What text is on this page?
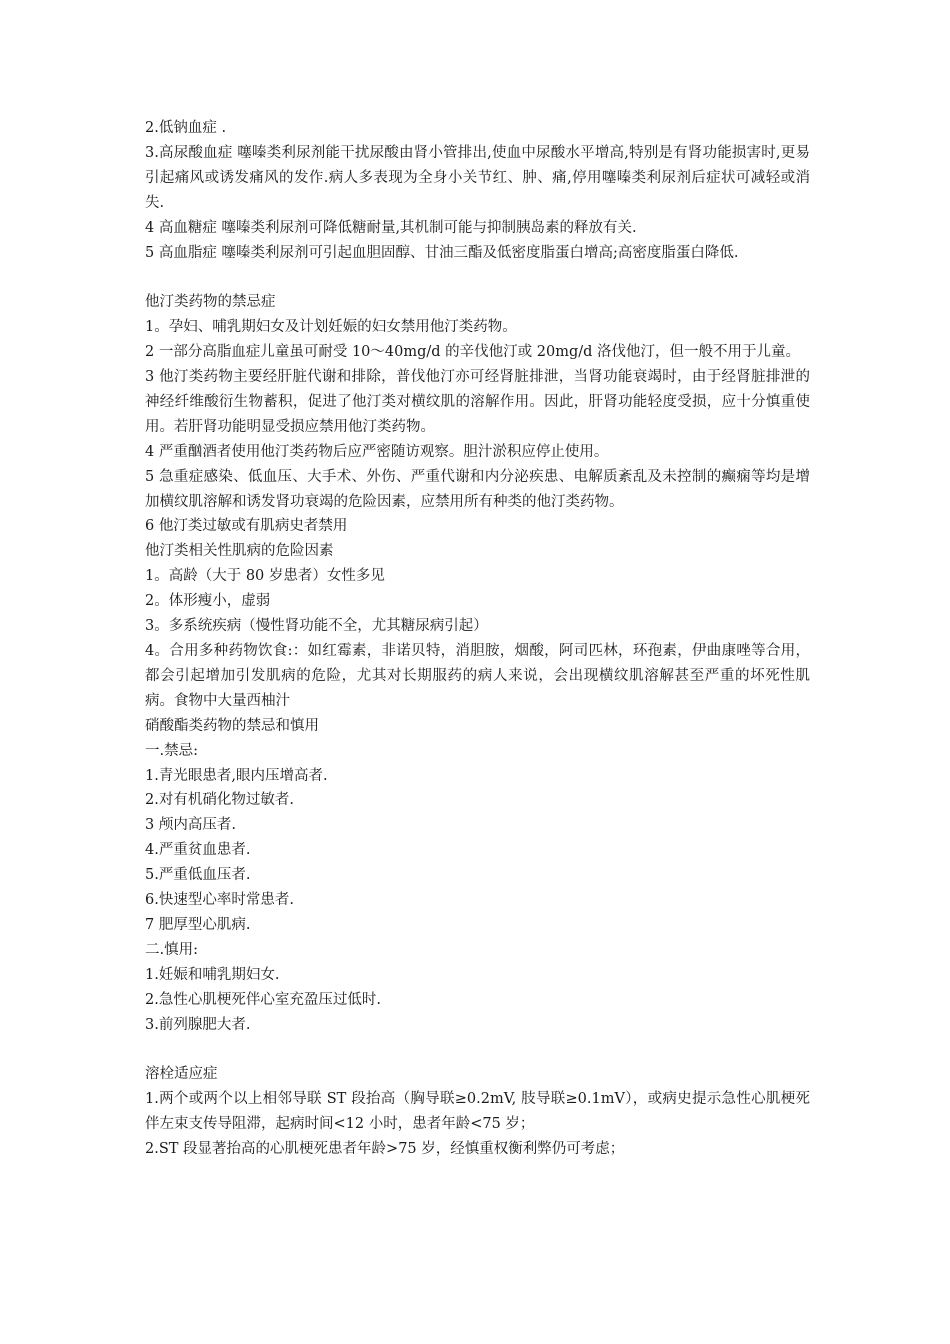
2.低钠血症 .

3.高尿酸血症 噻嗪类利尿剂能干扰尿酸由肾小管排出,使血中尿酸水平增高,特别是有肾功能损害时,更易引起痛风或诱发痛风的发作.病人多表现为全身小关节红、肿、痛,停用噻嗪类利尿剂后症状可减轻或消失.

4 高血糖症 噻嗪类利尿剂可降低糖耐量,其机制可能与抑制胰岛素的释放有关.

5 高血脂症 噻嗪类利尿剂可引起血胆固醇、甘油三酯及低密度脂蛋白增高;高密度脂蛋白降低.

他汀类药物的禁忌症

1。孕妇、哺乳期妇女及计划妊娠的妇女禁用他汀类药物。

2 一部分高脂血症儿童虽可耐受 10～40mg/d 的辛伐他汀或 20mg/d 洛伐他汀，但一般不用于儿童。

3 他汀类药物主要经肝脏代谢和排除，普伐他汀亦可经肾脏排泄，当肾功能衰竭时，由于经肾脏排泄的神经纤维酸衍生物蓄积，促进了他汀类对横纹肌的溶解作用。因此，肝肾功能轻度受损，应十分慎重使用。若肝肾功能明显受损应禁用他汀类药物。

4 严重酗酒者使用他汀类药物后应严密随访观察。胆汁淤积应停止使用。

5 急重症感染、低血压、大手术、外伤、严重代谢和内分泌疾患、电解质紊乱及未控制的癫痫等均是增加横纹肌溶解和诱发肾功衰竭的危险因素，应禁用所有种类的他汀类药物。

6 他汀类过敏或有肌病史者禁用

他汀类相关性肌病的危险因素

1。高龄（大于 80 岁患者）女性多见

2。体形瘦小，虚弱

3。多系统疾病（慢性肾功能不全，尤其糖尿病引起）

4。合用多种药物饮食:：如红霉素，非诺贝特，消胆胺，烟酸，阿司匹林，环孢素，伊曲康唑等合用，都会引起增加引发肌病的危险，尤其对长期服药的病人来说，会出现横纹肌溶解甚至严重的坏死性肌病。食物中大量西柚汁

硝酸酯类药物的禁忌和慎用

一.禁忌:

1.青光眼患者,眼内压增高者.

2.对有机硝化物过敏者.

3 颅内高压者.

4.严重贫血患者.

5.严重低血压者.

6.快速型心率时常患者.

7 肥厚型心肌病.

二.慎用:

1.妊娠和哺乳期妇女.

2.急性心肌梗死伴心室充盈压过低时.

3.前列腺肥大者.

溶栓适应症

1.两个或两个以上相邻导联 ST 段抬高（胸导联≥0.2mV, 肢导联≥0.1mV），或病史提示急性心肌梗死伴左束支传导阻滞，起病时间<12 小时，患者年龄<75 岁；

2.ST 段显著抬高的心肌梗死患者年龄>75 岁，经慎重权衡利弊仍可考虑；
